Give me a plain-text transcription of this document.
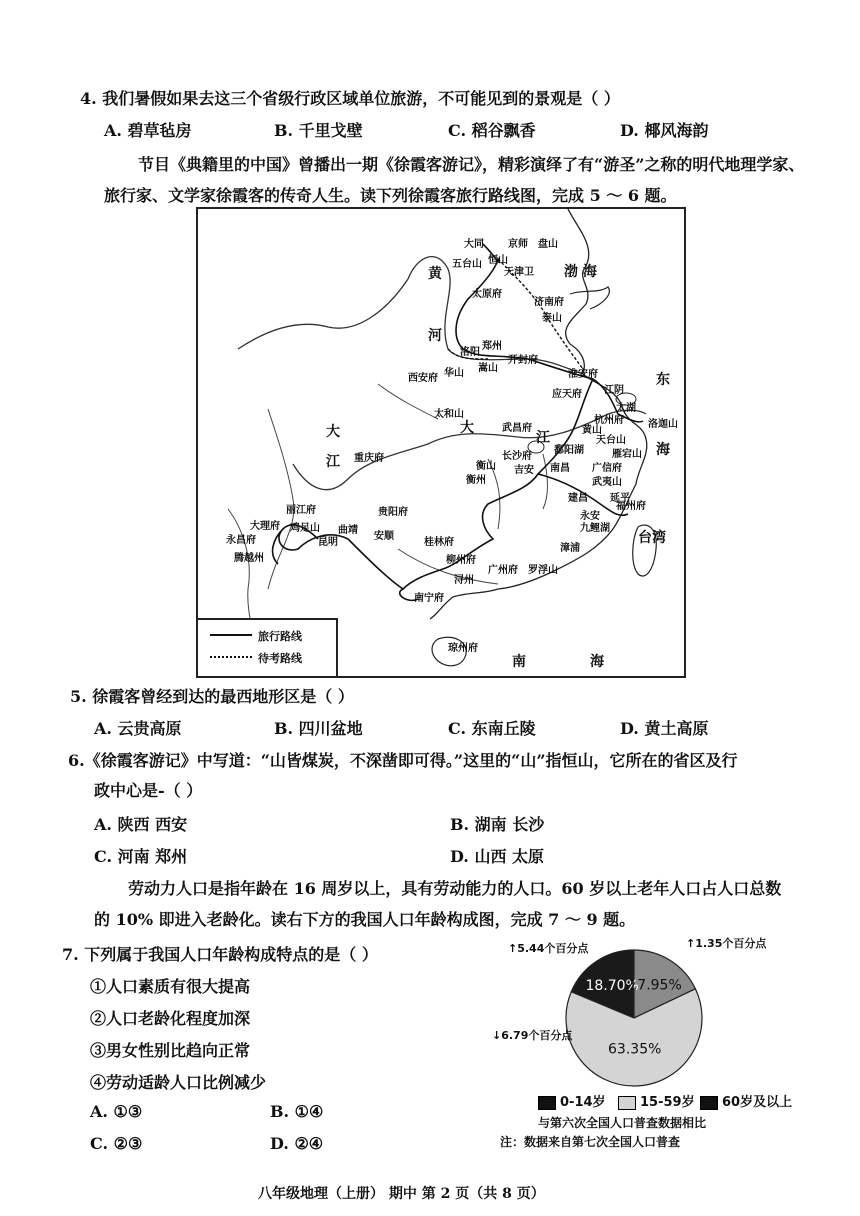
4. 我们暑假如果去这三个省级行政区域单位旅游，不可能见到的景观是（ ）
A. 碧草毡房	B. 千里戈壁	C. 稻谷飘香	D. 椰风海韵
节目《典籍里的中国》曾播出一期《徐霞客游记》，精彩演绎了有“游圣”之称的明代地理学家、
旅行家、文学家徐霞客的传奇人生。读下列徐霞客旅行路线图，完成 5 ～ 6 题。
大同 京师 盘山
五台山 恒山
天津卫 渤 海
太原府
济南府
泰山
黄
河
洛阳
郑州
开封府
嵩山
西安府 华山	淮安府	东
应天府 江阴
太湖
杭州府 洛迦山
太和山
大
江
大
江
重庆府
武昌府	黄山
鄱阳湖
天台山
雁宕山
南昌 广信府
武夷山
海
衡山
长沙府
衡州
吉安
建昌 延平
福州府
丽江府
大理府 鸡足山
永昌府
腾越州
曲靖
昆明
贵阳府
安顺
桂林府
柳州府
浔州
广州府 罗浮山
漳浦
永安
九鲤湖
台湾
南宁府
琼州府
南	海
旅行路线
待考路线
5. 徐霞客曾经到达的最西地形区是（ ）
A. 云贵高原	B. 四川盆地	C. 东南丘陵	D. 黄土高原
6.《徐霞客游记》中写道：“山皆煤炭，不深凿即可得。”这里的“山”指恒山，它所在的省区及行
政中心是-（ ）
A. 陕西 西安	B. 湖南 长沙
C. 河南 郑州	D. 山西 太原
劳动力人口是指年龄在 16 周岁以上，具有劳动能力的人口。60 岁以上老年人口占人口总数
的 10% 即进入老龄化。读右下方的我国人口年龄构成图，完成 7 ～ 9 题。
7. 下列属于我国人口年龄构成特点的是（ ）
①人口素质有很大提高
②人口老龄化程度加深
③男女性别比趋向正常
④劳动适龄人口比例减少
A. ①③	B. ①④
C. ②③	D. ②④
18.70%
17.95%
63.35%
↑5.44个百分点	↑1.35个百分点
↓6.79个百分点
0-14岁	15-59岁	60岁及以上
与第六次全国人口普查数据相比
注：数据来自第七次全国人口普查
八年级地理（上册） 期中 第 2 页（共 8 页）
